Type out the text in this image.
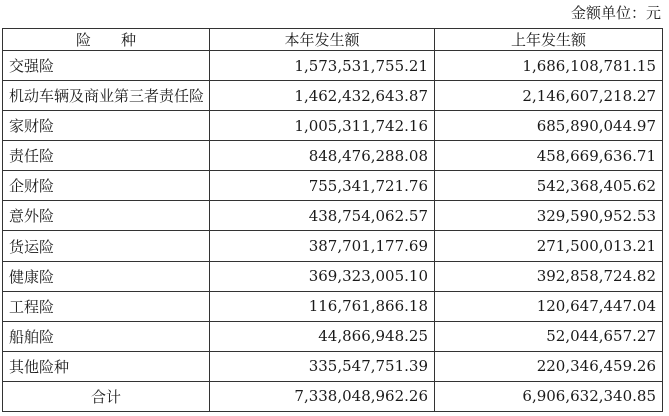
金额单位：元
险　　种	本年发生额	上年发生额
交强险	1,573,531,755.21	1,686,108,781.15
机动车辆及商业第三者责任险	1,462,432,643.87	2,146,607,218.27
家财险	1,005,311,742.16	685,890,044.97
责任险	848,476,288.08	458,669,636.71
企财险	755,341,721.76	542,368,405.62
意外险	438,754,062.57	329,590,952.53
货运险	387,701,177.69	271,500,013.21
健康险	369,323,005.10	392,858,724.82
工程险	116,761,866.18	120,647,447.04
船舶险	44,866,948.25	52,044,657.27
其他险种	335,547,751.39	220,346,459.26
合计	7,338,048,962.26	6,906,632,340.85
